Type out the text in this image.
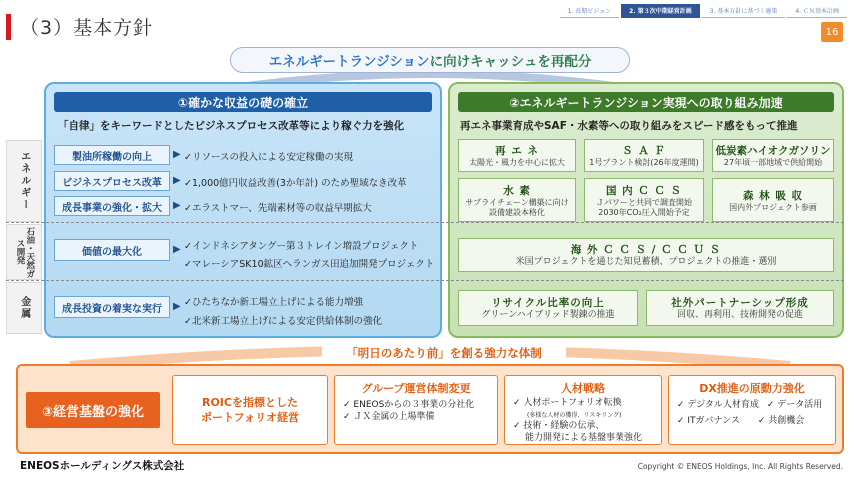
（3）基本方針
1. 長期ビジョン	2. 第３次中期経営計画	3. 基本方針に基づく施策	4. ＣＮ基本計画
16
エネルギートランジション に向けキャッシュを再配分
エネルギー
石油・天然ガス開発
金属
①確かな収益の礎の確立	②エネルギートランジション実現への取り組み加速
「自律」をキーワードとしたビジネスプロセス改革等により稼ぐ力を強化	再エネ事業育成やSAF・水素等への取り組みをスピード感をもって推進
製油所稼働の向上	▶ ✓リソースの投入による安定稼働の実現
ビジネスプロセス改革	▶ ✓1,000億円収益改善(3か年計) のため聖域なき改革
成長事業の強化・拡大	▶ ✓エラストマー、先端素材等の収益早期拡大
価値の最大化	▶ ✓インドネシアタングー第３トレイン増設プロジェクト
✓マレーシアSK10鉱区ヘランガス田追加開発プロジェクト
成長投資の着実な実行	▶ ✓ひたちなか新工場立上げによる能力増強
✓北米新工場立上げによる安定供給体制の強化
再 エ ネ
太陽光・風力を中心に拡大
Ｓ Ａ Ｆ
1号プラント検討(26年度運開)
低炭素ハイオクガソリン
27年頃一部地域で供給開始
水 素
サプライチェーン構築に向け
設備建設本格化
国 内 Ｃ Ｃ Ｓ
Ｊパワーと共同で調査開始
2030年CO₂圧入開始予定
森 林 吸 収
国内外プロジェクト参画
海 外 Ｃ Ｃ Ｓ / Ｃ Ｃ Ｕ Ｓ
米国プロジェクトを通じた知見蓄積、プロジェクトの推進・選別
リサイクル比率の向上
グリーンハイブリッド製錬の推進
社外パートナーシップ形成
回収、再利用、技術開発の促進
「明日のあたり前」を創る強力な体制
③経営基盤の強化
ROICを指標とした
ポートフォリオ経営
グループ運営体制変更
✓ ENEOSからの３事業の分社化
✓ ＪＸ金属の上場準備
人材戦略
✓ 人材ポートフォリオ転換
(多様な人材の獲得、リスキリング)
✓ 技術・経験の伝承、
能力開発による基盤事業強化
DX推進の原動力強化
✓ デジタル人材育成 ✓ データ活用
✓ ITガバナンス ✓ 共創機会
ENEOSホールディングス株式会社	Copyright © ENEOS Holdings, Inc. All Rights Reserved.
